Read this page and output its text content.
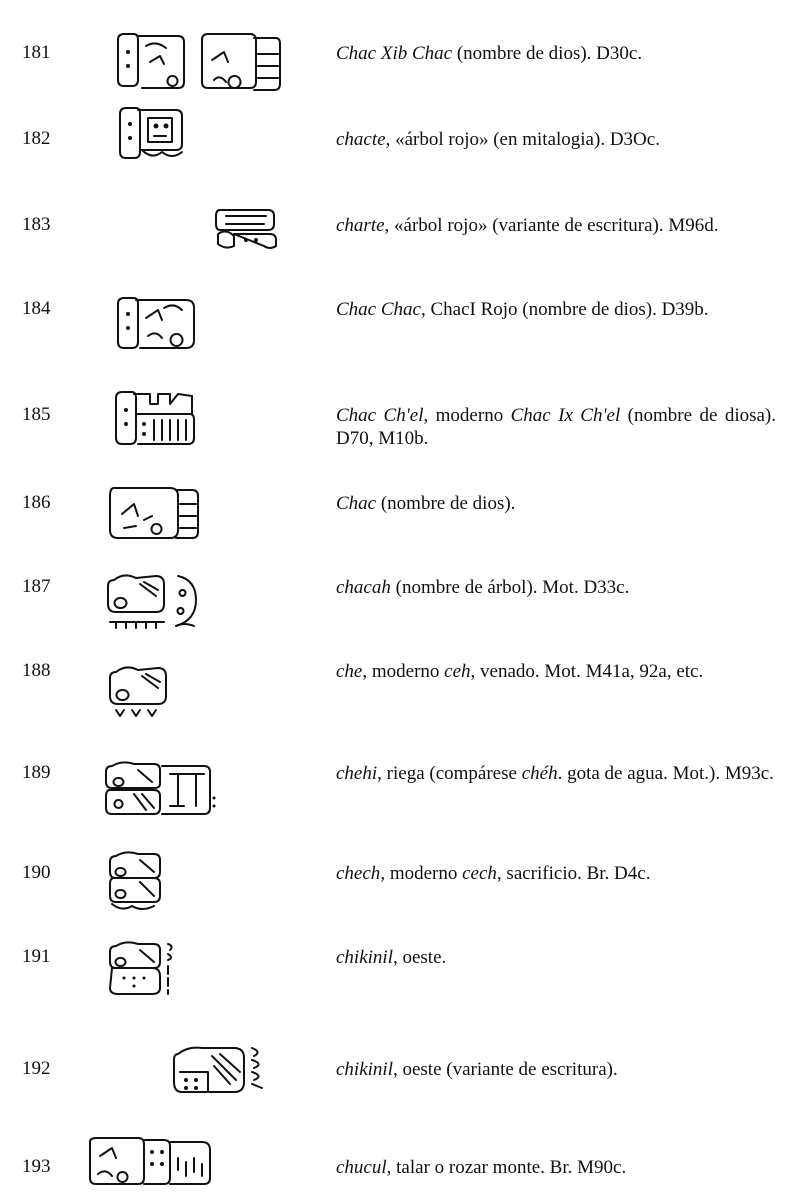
181	Chac Xib Chac (nombre de dios). D30c.
182	chacte, «árbol rojo» (en mitalogia). D3Oc.
183	charte, «árbol rojo» (variante de escritura). M96d.
184	Chac Chac, ChacI Rojo (nombre de dios). D39b.
185	Chac Ch'el, moderno Chac Ix Ch'el (nombre de diosa). D70, M10b.
186	Chac (nombre de dios).
187	chacah (nombre de árbol). Mot. D33c.
188	che, moderno ceh, venado. Mot. M41a, 92a, etc.
189	chehi, riega (compárese chéh. gota de agua. Mot.). M93c.
190	chech, moderno cech, sacrificio. Br. D4c.
191	chikinil, oeste.
192	chikinil, oeste (variante de escritura).
193	chucul, talar o rozar monte. Br. M90c.
